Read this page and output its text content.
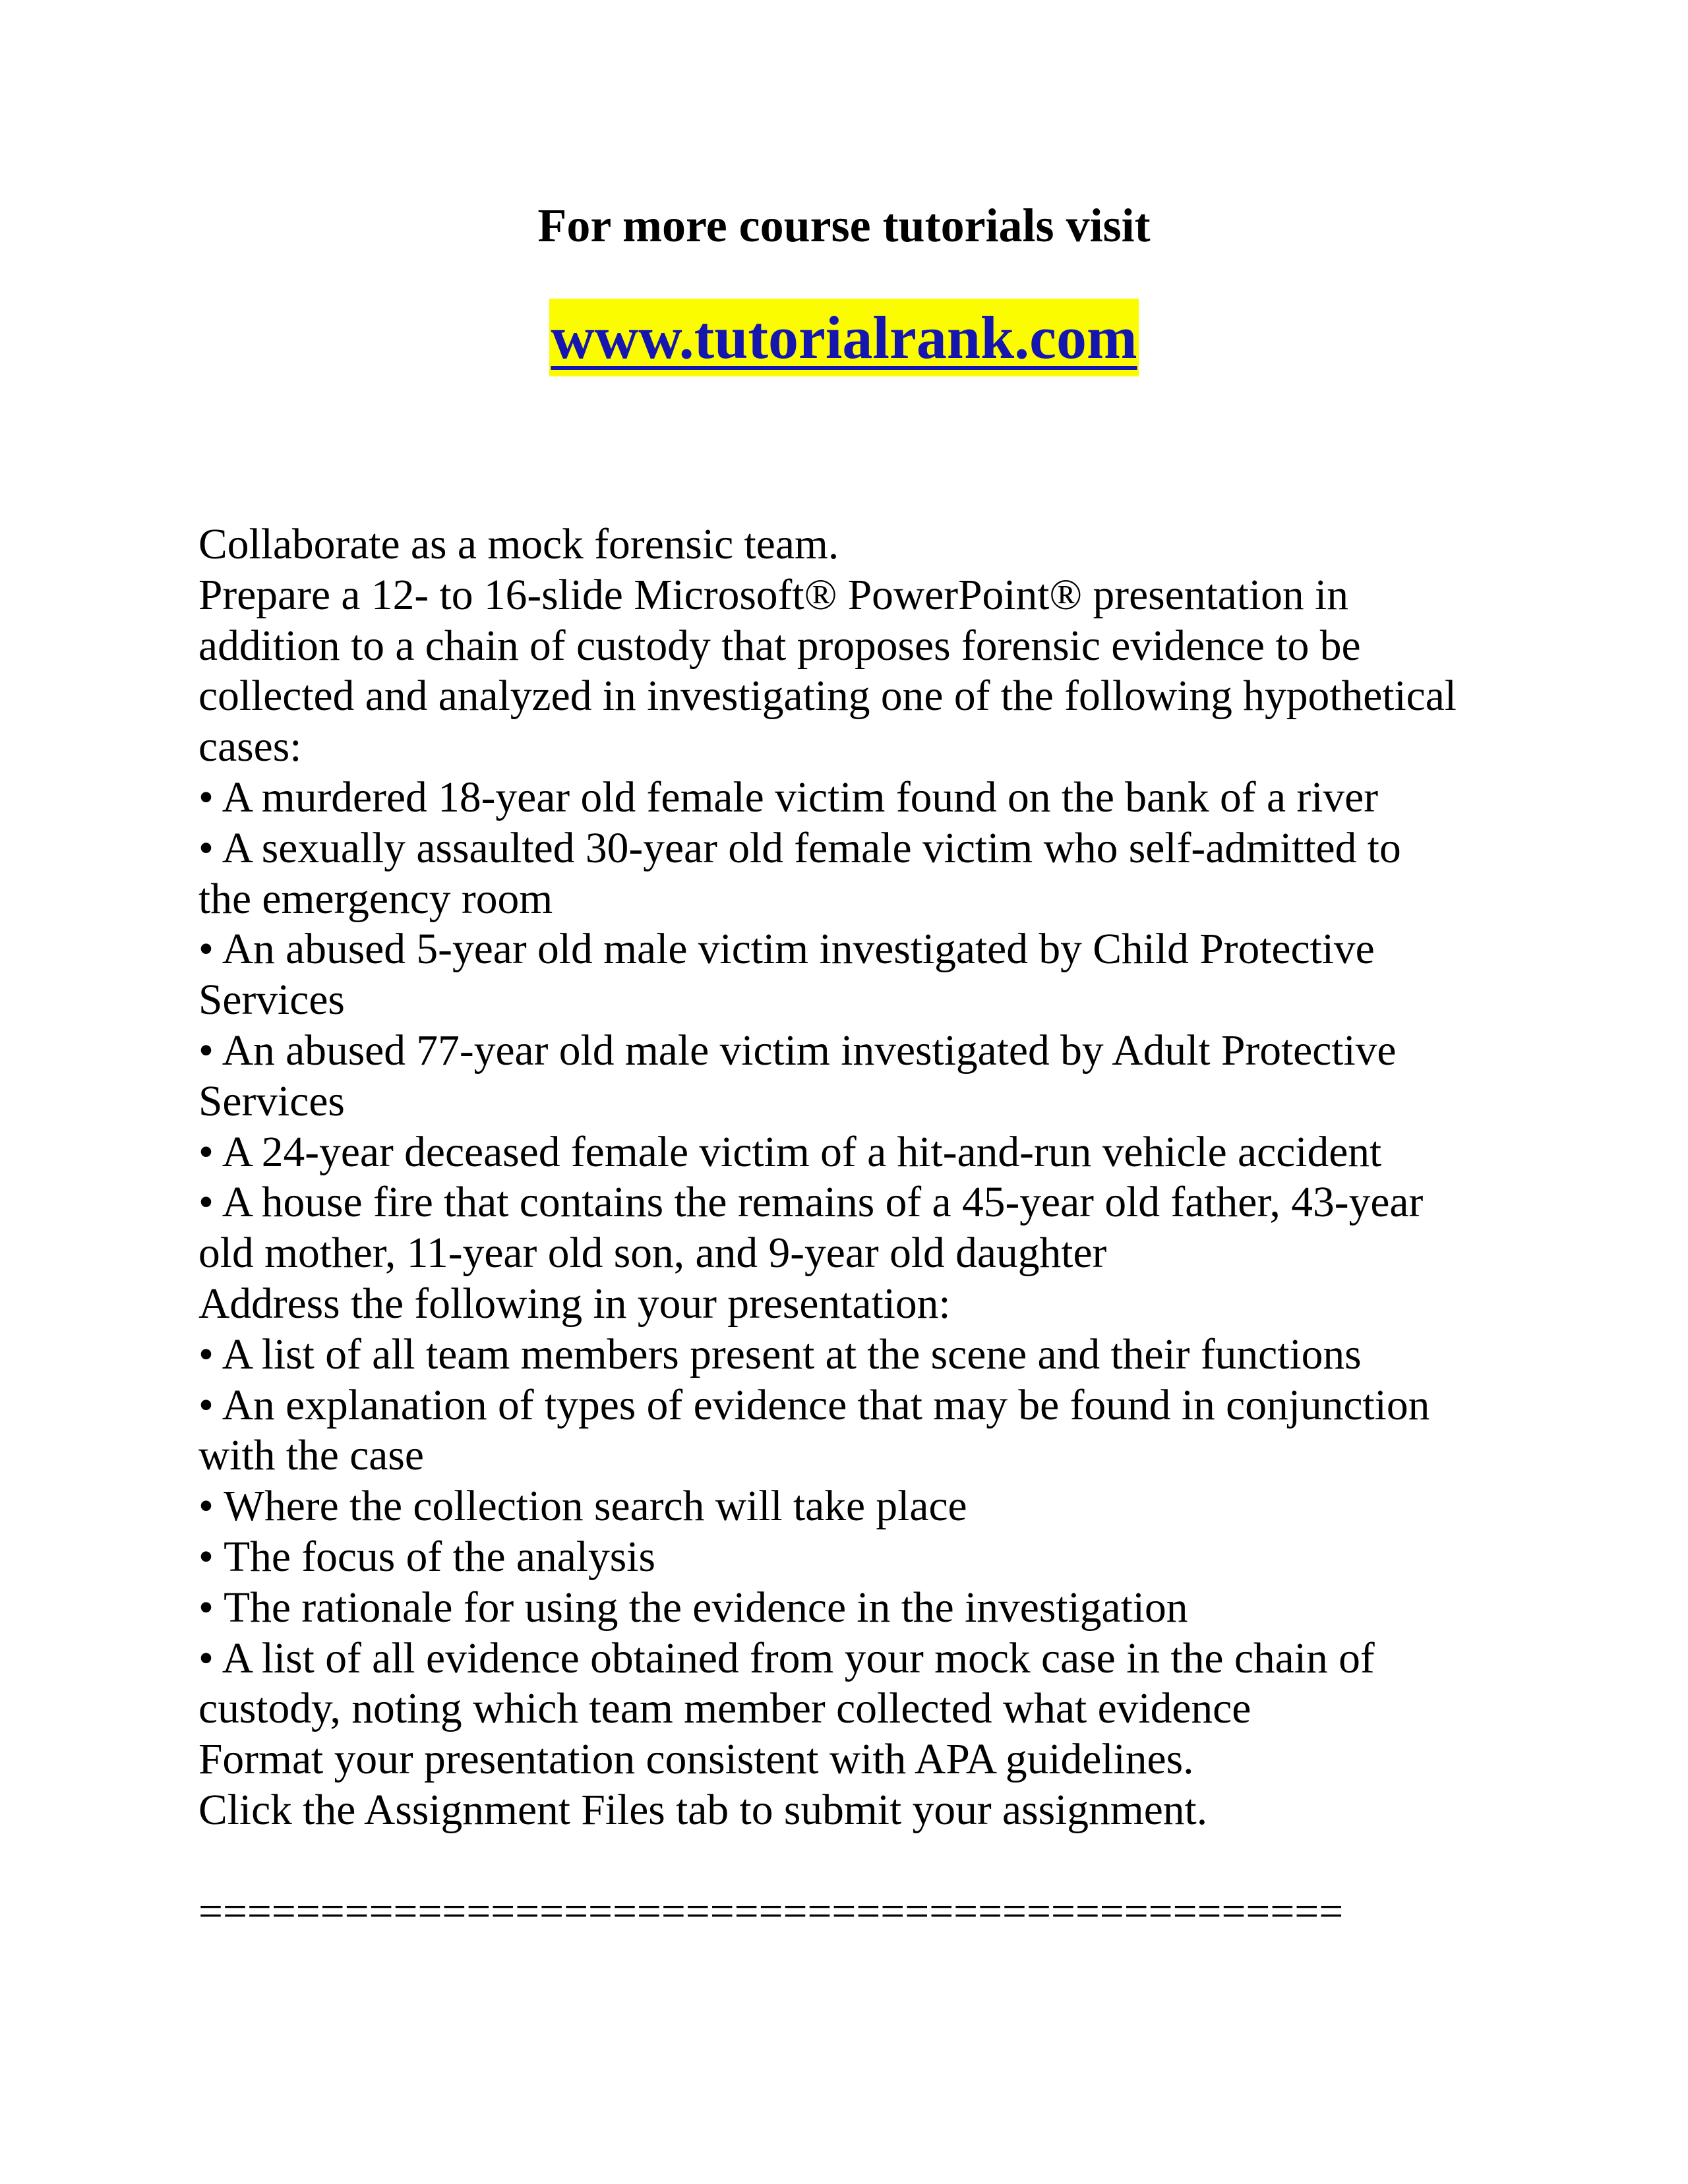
For more course tutorials visit
www.tutorialrank.com
Collaborate as a mock forensic team.
Prepare a 12- to 16-slide Microsoft® PowerPoint® presentation in
addition to a chain of custody that proposes forensic evidence to be
collected and analyzed in investigating one of the following hypothetical
cases:
• A murdered 18-year old female victim found on the bank of a river
• A sexually assaulted 30-year old female victim who self-admitted to
the emergency room
• An abused 5-year old male victim investigated by Child Protective
Services
• An abused 77-year old male victim investigated by Adult Protective
Services
• A 24-year deceased female victim of a hit-and-run vehicle accident
• A house fire that contains the remains of a 45-year old father, 43-year
old mother, 11-year old son, and 9-year old daughter
Address the following in your presentation:
• A list of all team members present at the scene and their functions
• An explanation of types of evidence that may be found in conjunction
with the case
• Where the collection search will take place
• The focus of the analysis
• The rationale for using the evidence in the investigation
• A list of all evidence obtained from your mock case in the chain of
custody, noting which team member collected what evidence
Format your presentation consistent with APA guidelines.
Click the Assignment Files tab to submit your assignment.
===============================================
